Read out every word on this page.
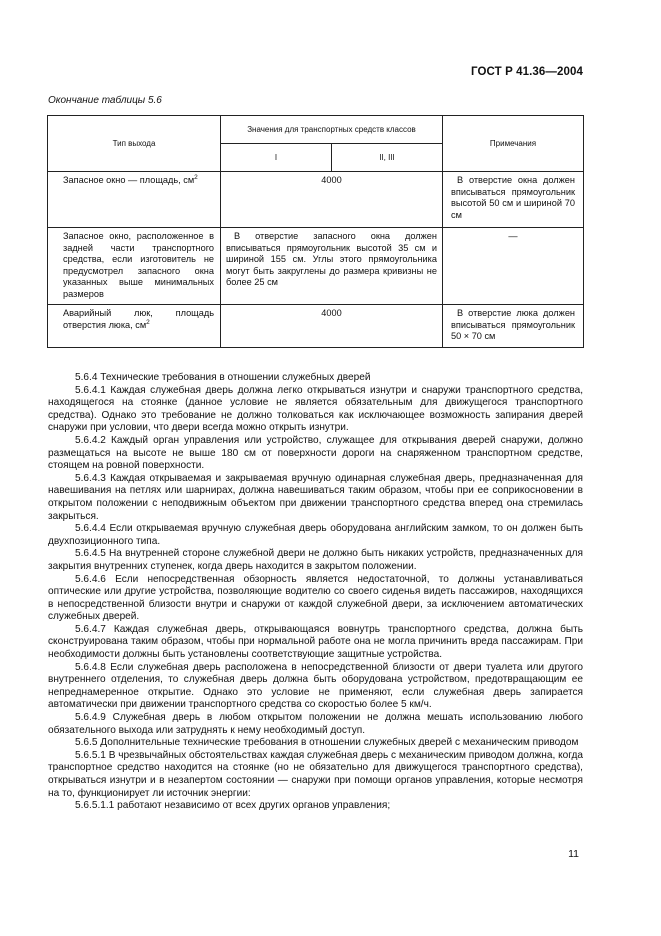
ГОСТ Р 41.36—2004
Окончание таблицы 5.6
Тип выхода	Значения для транспортных средств классов		Примечания
	I	II, III	
Запасное окно — площадь, $см^2$	4000		В отверстие окна должен вписываться прямоугольник высотой 50 см и шириной 70 см

Запасное окно, расположенное в задней части транспортного средства, если изготовитель не предусмотрел запасного окна указанных выше минимальных размеров	В отверстие запасного окна должен вписываться прямоугольник высотой 35 см и шириной 155 см. Углы этого прямоугольника могут быть закруглены до размера кривизны не более 25 см		—
Аварийный люк, площадь отверстия люка, $см^2$	4000		В отверстие люка должен вписываться прямоугольник 50 × 70 см

5.6.4 Технические требования в отношении служебных дверей

5.6.4.1 Каждая служебная дверь должна легко открываться изнутри и снаружи транспортного средства, находящегося на стоянке (данное условие не является обязательным для движущегося транспортного средства). Однако это требование не должно толковаться как исключающее возможность запирания дверей снаружи при условии, что двери всегда можно открыть изнутри.

5.6.4.2 Каждый орган управления или устройство, служащее для открывания дверей снаружи, должно размещаться на высоте не выше 180 см от поверхности дороги на снаряженном транспортном средстве, стоящем на ровной поверхности.

5.6.4.3 Каждая открываемая и закрываемая вручную одинарная служебная дверь, предназначенная для навешивания на петлях или шарнирах, должна навешиваться таким образом, чтобы при ее соприкосновении в открытом положении с неподвижным объектом при движении транспортного средства вперед она стремилась закрыться.

5.6.4.4 Если открываемая вручную служебная дверь оборудована английским замком, то он должен быть двухпозиционного типа.

5.6.4.5 На внутренней стороне служебной двери не должно быть никаких устройств, предназначенных для закрытия внутренних ступенек, когда дверь находится в закрытом положении.

5.6.4.6 Если непосредственная обзорность является недостаточной, то должны устанавливаться оптические или другие устройства, позволяющие водителю со своего сиденья видеть пассажиров, находящихся в непосредственной близости внутри и снаружи от каждой служебной двери, за исключением автоматических служебных дверей.

5.6.4.7 Каждая служебная дверь, открывающаяся вовнутрь транспортного средства, должна быть сконструирована таким образом, чтобы при нормальной работе она не могла причинить вреда пассажирам. При необходимости должны быть установлены соответствующие защитные устройства.

5.6.4.8 Если служебная дверь расположена в непосредственной близости от двери туалета или другого внутреннего отделения, то служебная дверь должна быть оборудована устройством, предотвращающим ее непреднамеренное открытие. Однако это условие не применяют, если служебная дверь запирается автоматически при движении транспортного средства со скоростью более 5 км/ч.

5.6.4.9 Служебная дверь в любом открытом положении не должна мешать использованию любого обязательного выхода или затруднять к нему необходимый доступ.

5.6.5 Дополнительные технические требования в отношении служебных дверей с механическим приводом

5.6.5.1 В чрезвычайных обстоятельствах каждая служебная дверь с механическим приводом должна, когда транспортное средство находится на стоянке (но не обязательно для движущегося транспортного средства), открываться изнутри и в незапертом состоянии — снаружи при помощи органов управления, которые несмотря на то, функционирует ли источник энергии:

5.6.5.1.1 работают независимо от всех других органов управления;

11
